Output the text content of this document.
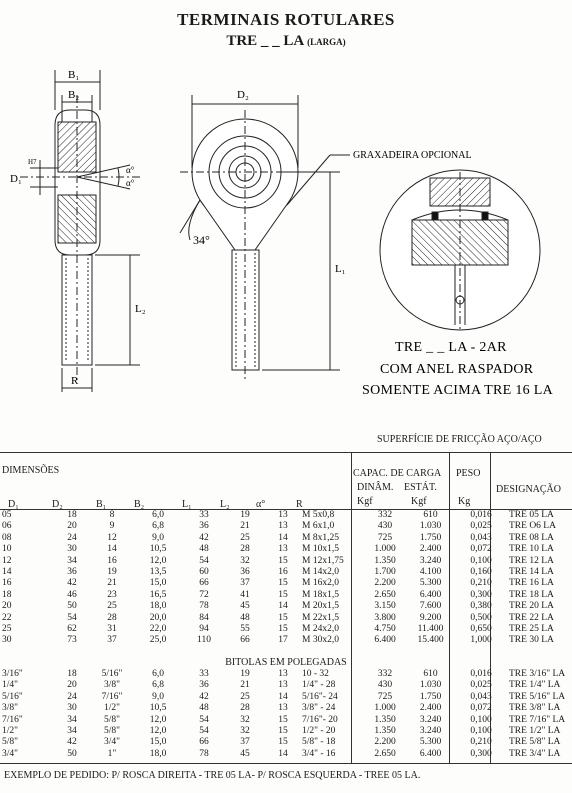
TERMINAIS ROTULARES
TRE _ _ LA (LARGA)
B₁
B₂
D₁
H7
α°
α°
L₂
R
D₂
L₁
34°
GRAXADEIRA OPCIONAL
TRE _ _ LA - 2AR
COM ANEL RASPADOR
SOMENTE ACIMA TRE 16 LA
SUPERFÍCIE DE FRICÇÃO AÇO/AÇO
DIMENSÕES	CAPAC. DE CARGA
DINÂM. ESTÁT.
Kgf	Kgf
PESO
Kg
DESIGNAÇÃO
D₁	D₂	B₁	B₂	L₁	L₂	α°	R
05	18	8	6,0	33	19	13	M 5x0,8	332	610	0,016	TRE 05 LA
06	20	9	6,8	36	21	13	M 6x1,0	430	1.030	0,025	TRE O6 LA
08	24	12	9,0	42	25	14	M 8x1,25	725	1.750	0,043	TRE 08 LA
10	30	14	10,5	48	28	13	M 10x1,5	1.000	2.400	0,072	TRE 10 LA
12	34	16	12,0	54	32	15	M 12x1,75	1.350	3.240	0,100	TRE 12 LA
14	36	19	13,5	60	36	16	M 14x2,0	1.700	4.100	0,160	TRE 14 LA
16	42	21	15,0	66	37	15	M 16x2,0	2.200	5.300	0,210	TRE 16 LA
18	46	23	16,5	72	41	15	M 18x1,5	2.650	6.400	0,300	TRE 18 LA
20	50	25	18,0	78	45	14	M 20x1,5	3.150	7.600	0,380	TRE 20 LA
22	54	28	20,0	84	48	15	M 22x1,5	3.800	9.200	0,500	TRE 22 LA
25	62	31	22,0	94	55	15	M 24x2,0	4.750	11.400	0,650	TRE 25 LA
30	73	37	25,0	110	66	17	M 30x2,0	6.400	15.400	1,000	TRE 30 LA
BITOLAS EM POLEGADAS
3/16"	18	5/16"	6,0	33	19	13	10 - 32	332	610	0,016	TRE 3/16" LA
1/4"	20	3/8"	6,8	36	21	13	1/4" - 28	430	1.030	0,025	TRE 1/4" LA
5/16"	24	7/16"	9,0	42	25	14	5/16"- 24	725	1.750	0,043	TRE 5/16" LA
3/8"	30	1/2"	10,5	48	28	13	3/8" - 24	1.000	2.400	0,072	TRE 3/8" LA
7/16"	34	5/8"	12,0	54	32	15	7/16"- 20	1.350	3.240	0,100	TRE 7/16" LA
1/2"	34	5/8"	12,0	54	32	15	1/2" - 20	1.350	3.240	0,100	TRE 1/2" LA
5/8"	42	3/4"	15,0	66	37	15	5/8" - 18	2.200	5.300	0,210	TRE 5/8" LA
3/4"	50	1"	18,0	78	45	14	3/4" - 16	2.650	6.400	0,300	TRE 3/4" LA
EXEMPLO DE PEDIDO: P/ ROSCA DIREITA - TRE 05 LA- P/ ROSCA ESQUERDA - TREE 05 LA.
